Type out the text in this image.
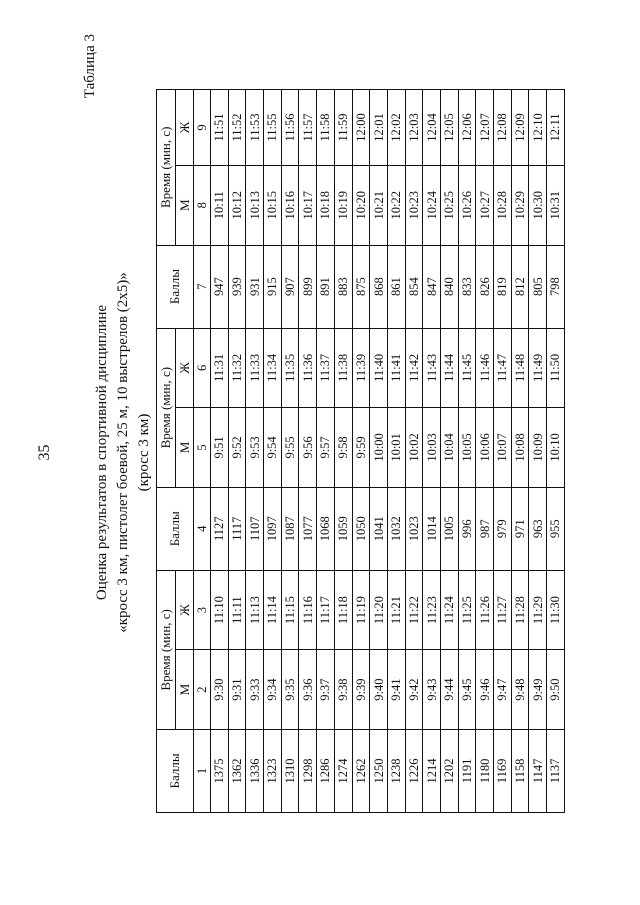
35
Таблица 3
Оценка результатов в спортивной дисциплине «кросс 3 км, пистолет боевой, 25 м, 10 выстрелов (2х5)» (кросс 3 км)
Баллы	Время (мин, с)		Баллы	Время (мин, с)		Баллы	Время (мин, с)	
	М	Ж		М	Ж		М	Ж
1	2	3	4	5	6	7	8	9
1375	9:30	11:10	1127	9:51	11:31	947	10:11	11:51
1362	9:31	11:11	1117	9:52	11:32	939	10:12	11:52
1336	9:33	11:13	1107	9:53	11:33	931	10:13	11:53
1323	9:34	11:14	1097	9:54	11:34	915	10:15	11:55
1310	9:35	11:15	1087	9:55	11:35	907	10:16	11:56
1298	9:36	11:16	1077	9:56	11:36	899	10:17	11:57
1286	9:37	11:17	1068	9:57	11:37	891	10:18	11:58
1274	9:38	11:18	1059	9:58	11:38	883	10:19	11:59
1262	9:39	11:19	1050	9:59	11:39	875	10:20	12:00
1250	9:40	11:20	1041	10:00	11:40	868	10:21	12:01
1238	9:41	11:21	1032	10:01	11:41	861	10:22	12:02
1226	9:42	11:22	1023	10:02	11:42	854	10:23	12:03
1214	9:43	11:23	1014	10:03	11:43	847	10:24	12:04
1202	9:44	11:24	1005	10:04	11:44	840	10:25	12:05
1191	9:45	11:25	996	10:05	11:45	833	10:26	12:06
1180	9:46	11:26	987	10:06	11:46	826	10:27	12:07
1169	9:47	11:27	979	10:07	11:47	819	10:28	12:08
1158	9:48	11:28	971	10:08	11:48	812	10:29	12:09
1147	9:49	11:29	963	10:09	11:49	805	10:30	12:10
1137	9:50	11:30	955	10:10	11:50	798	10:31	12:11
